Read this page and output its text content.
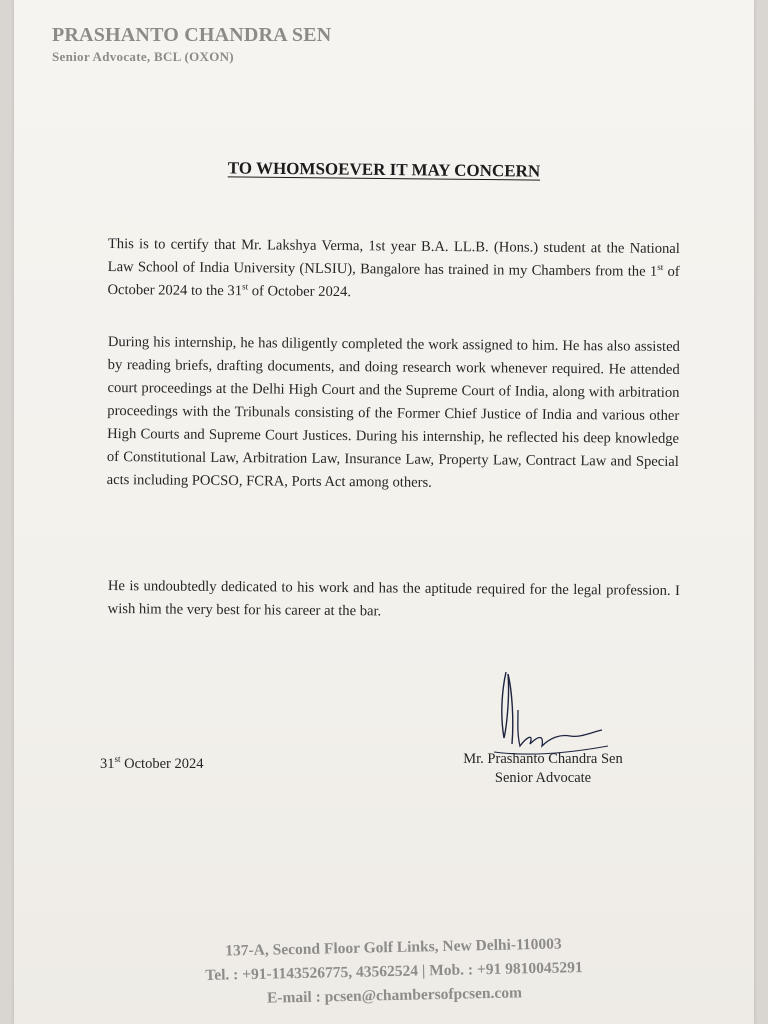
PRASHANTO CHANDRA SEN
Senior Advocate, BCL (OXON)
TO WHOMSOEVER IT MAY CONCERN

This is to certify that Mr. Lakshya Verma, 1st year B.A. LL.B. (Hons.) student at the National Law School of India University (NLSIU), Bangalore has trained in my Chambers from the 1st of October 2024 to the 31st of October 2024.

During his internship, he has diligently completed the work assigned to him. He has also assisted by reading briefs, drafting documents, and doing research work whenever required. He attended court proceedings at the Delhi High Court and the Supreme Court of India, along with arbitration proceedings with the Tribunals consisting of the Former Chief Justice of India and various other High Courts and Supreme Court Justices. During his internship, he reflected his deep knowledge of Constitutional Law, Arbitration Law, Insurance Law, Property Law, Contract Law and Special acts including POCSO, FCRA, Ports Act among others.

He is undoubtedly dedicated to his work and has the aptitude required for the legal profession. I wish him the very best for his career at the bar.

31st October 2024	Mr. Prashanto Chandra Sen
Senior Advocate
137-A, Second Floor Golf Links, New Delhi-110003
Tel. : +91-1143526775, 43562524 | Mob. : +91 9810045291
E-mail : pcsen@chambersofpcsen.com
